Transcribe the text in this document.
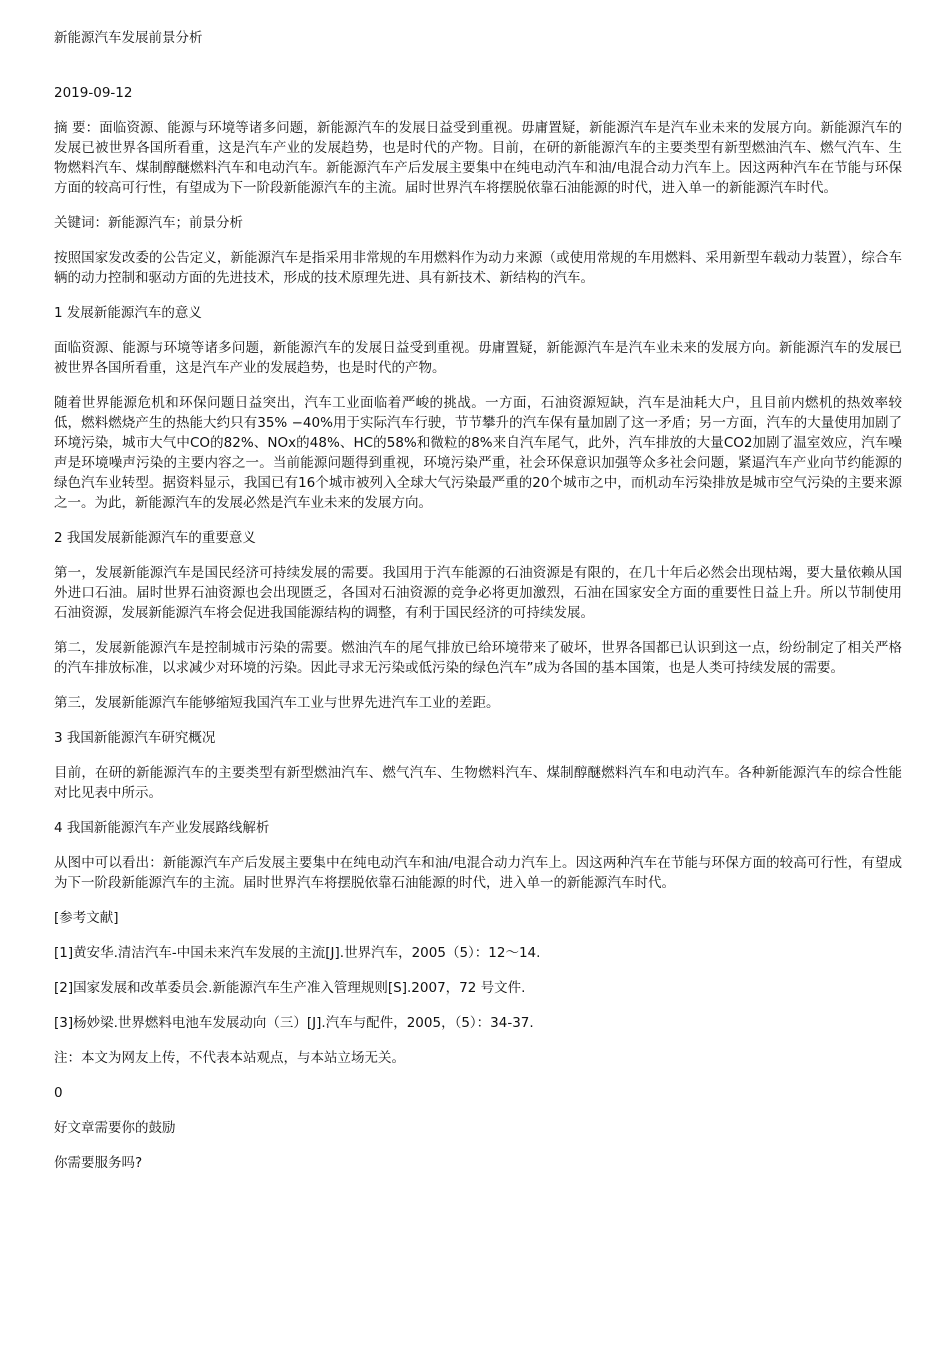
新能源汽车发展前景分析

2019-09-12

摘 要：面临资源、能源与环境等诸多问题，新能源汽车的发展日益受到重视。毋庸置疑，新能源汽车是汽车业未来的发展方向。新能源汽车的发展已被世界各国所看重，这是汽车产业的发展趋势，也是时代的产物。目前，在研的新能源汽车的主要类型有新型燃油汽车、燃气汽车、生物燃料汽车、煤制醇醚燃料汽车和电动汽车。新能源汽车产后发展主要集中在纯电动汽车和油/电混合动力汽车上。因这两种汽车在节能与环保方面的较高可行性，有望成为下一阶段新能源汽车的主流。届时世界汽车将摆脱依靠石油能源的时代，进入单一的新能源汽车时代。

关键词：新能源汽车；前景分析

按照国家发改委的公告定义，新能源汽车是指采用非常规的车用燃料作为动力来源（或使用常规的车用燃料、采用新型车载动力装置），综合车辆的动力控制和驱动方面的先进技术，形成的技术原理先进、具有新技术、新结构的汽车。

1 发展新能源汽车的意义

面临资源、能源与环境等诸多问题，新能源汽车的发展日益受到重视。毋庸置疑，新能源汽车是汽车业未来的发展方向。新能源汽车的发展已被世界各国所看重，这是汽车产业的发展趋势，也是时代的产物。

随着世界能源危机和环保问题日益突出，汽车工业面临着严峻的挑战。一方面，石油资源短缺，汽车是油耗大户，且目前内燃机的热效率较低，燃料燃烧产生的热能大约只有35% −40%用于实际汽车行驶，节节攀升的汽车保有量加剧了这一矛盾；另一方面，汽车的大量使用加剧了环境污染，城市大气中CO的82%、NOx的48%、HC的58%和微粒的8%来自汽车尾气，此外，汽车排放的大量CO2加剧了温室效应，汽车噪声是环境噪声污染的主要内容之一。当前能源问题得到重视，环境污染严重，社会环保意识加强等众多社会问题，紧逼汽车产业向节约能源的绿色汽车业转型。据资料显示，我国已有16个城市被列入全球大气污染最严重的20个城市之中，而机动车污染排放是城市空气污染的主要来源之一。为此，新能源汽车的发展必然是汽车业未来的发展方向。

2 我国发展新能源汽车的重要意义

第一，发展新能源汽车是国民经济可持续发展的需要。我国用于汽车能源的石油资源是有限的，在几十年后必然会出现枯竭，要大量依赖从国外进口石油。届时世界石油资源也会出现匮乏，各国对石油资源的竞争必将更加激烈，石油在国家安全方面的重要性日益上升。所以节制使用石油资源，发展新能源汽车将会促进我国能源结构的调整，有利于国民经济的可持续发展。

第二，发展新能源汽车是控制城市污染的需要。燃油汽车的尾气排放已给环境带来了破坏，世界各国都已认识到这一点，纷纷制定了相关严格的汽车排放标准，以求减少对环境的污染。因此寻求无污染或低污染的绿色汽车”成为各国的基本国策，也是人类可持续发展的需要。

第三，发展新能源汽车能够缩短我国汽车工业与世界先进汽车工业的差距。

3 我国新能源汽车研究概况

目前，在研的新能源汽车的主要类型有新型燃油汽车、燃气汽车、生物燃料汽车、煤制醇醚燃料汽车和电动汽车。各种新能源汽车的综合性能对比见表中所示。

4 我国新能源汽车产业发展路线解析

从图中可以看出：新能源汽车产后发展主要集中在纯电动汽车和油/电混合动力汽车上。因这两种汽车在节能与环保方面的较高可行性，有望成为下一阶段新能源汽车的主流。届时世界汽车将摆脱依靠石油能源的时代，进入单一的新能源汽车时代。

[参考文献]

[1]黄安华.清洁汽车-中国未来汽车发展的主流[J].世界汽车，2005（5）：12～14.

[2]国家发展和改革委员会.新能源汽车生产准入管理规则[S].2007，72 号文件.

[3]杨妙梁.世界燃料电池车发展动向（三）[J].汽车与配件，2005，（5）：34-37.

注：本文为网友上传，不代表本站观点，与本站立场无关。

0

好文章需要你的鼓励

你需要服务吗?
